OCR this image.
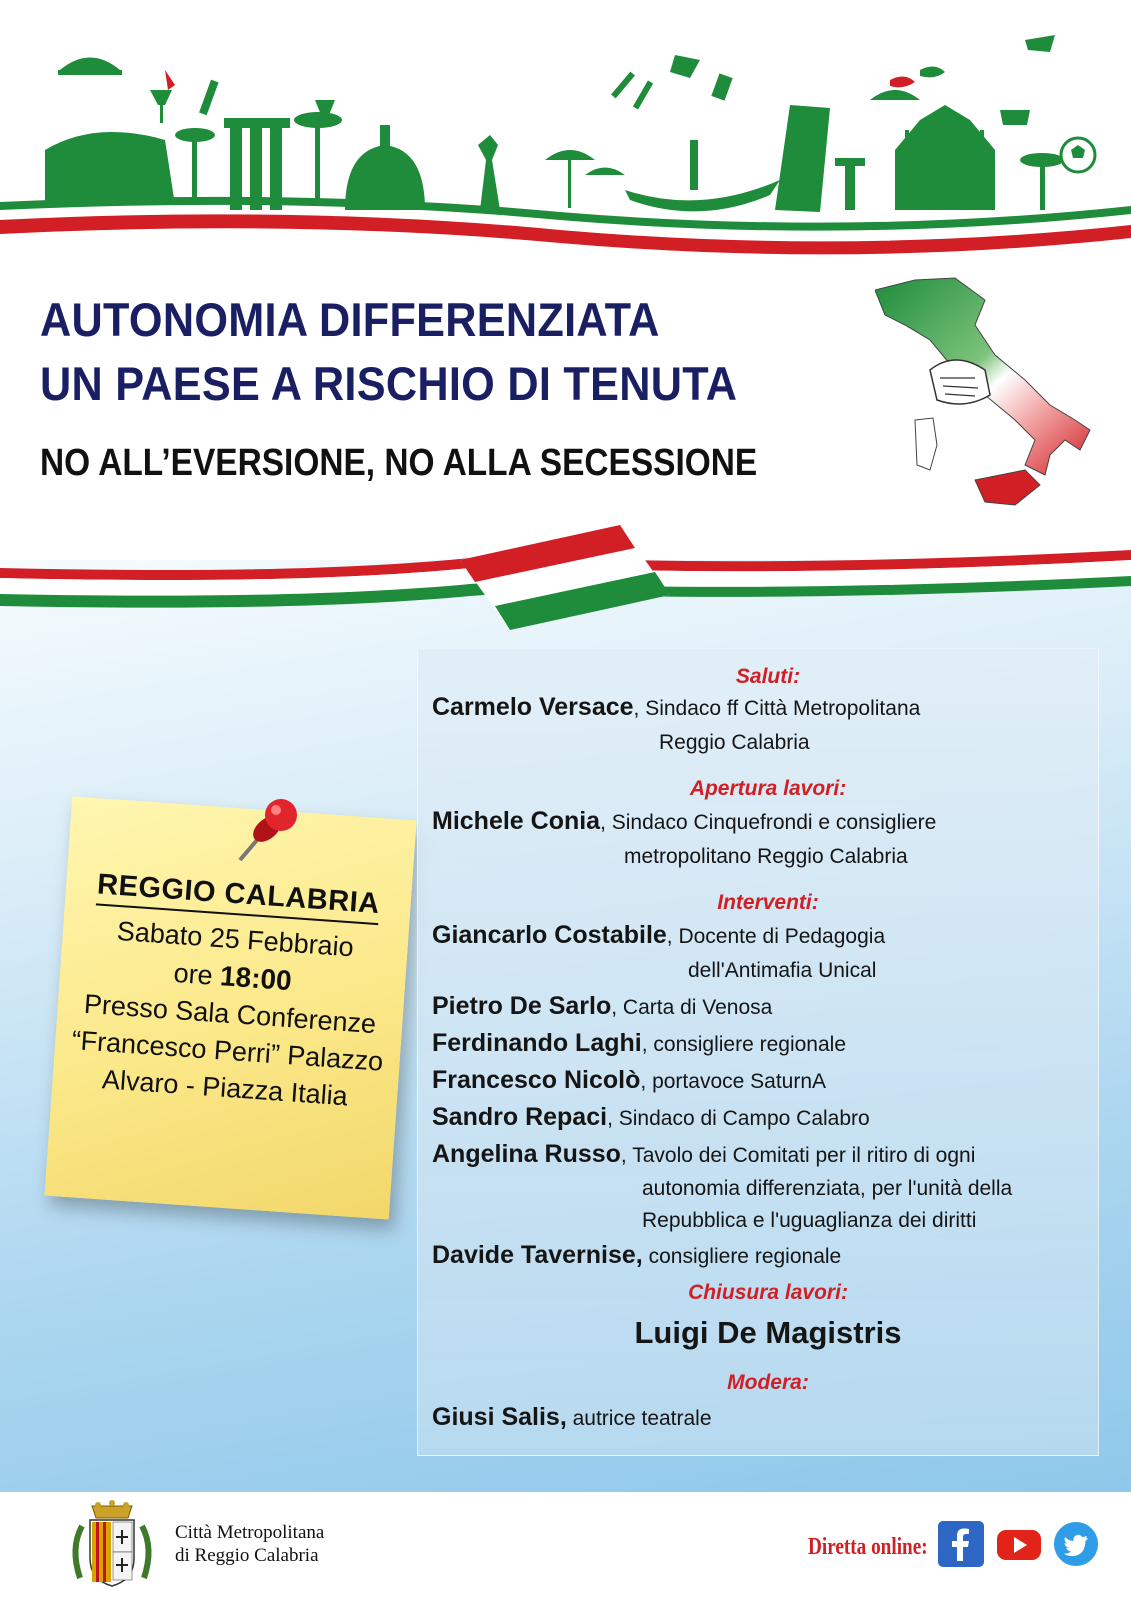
AUTONOMIA DIFFERENZIATA
UN PAESE A RISCHIO DI TENUTA
NO ALL’EVERSIONE, NO ALLA SECESSIONE
REGGIO CALABRIA
Sabato 25 Febbraio
ore 18:00
Presso Sala Conferenze
“Francesco Perri” Palazzo
Alvaro - Piazza Italia
Saluti:
Carmelo Versace, Sindaco ff Città Metropolitana
Reggio Calabria
Apertura lavori:
Michele Conia, Sindaco Cinquefrondi e consigliere
metropolitano Reggio Calabria
Interventi:
Giancarlo Costabile, Docente di Pedagogia
dell'Antimafia Unical
Pietro De Sarlo, Carta di Venosa
Ferdinando Laghi, consigliere regionale
Francesco Nicolò, portavoce SaturnA
Sandro Repaci, Sindaco di Campo Calabro
Angelina Russo, Tavolo dei Comitati per il ritiro di ogni
autonomia differenziata, per l'unità della
Repubblica e l'uguaglianza dei diritti
Davide Tavernise, consigliere regionale
Chiusura lavori:
Luigi De Magistris
Modera:
Giusi Salis, autrice teatrale
Città Metropolitana
di Reggio Calabria	Diretta online:
